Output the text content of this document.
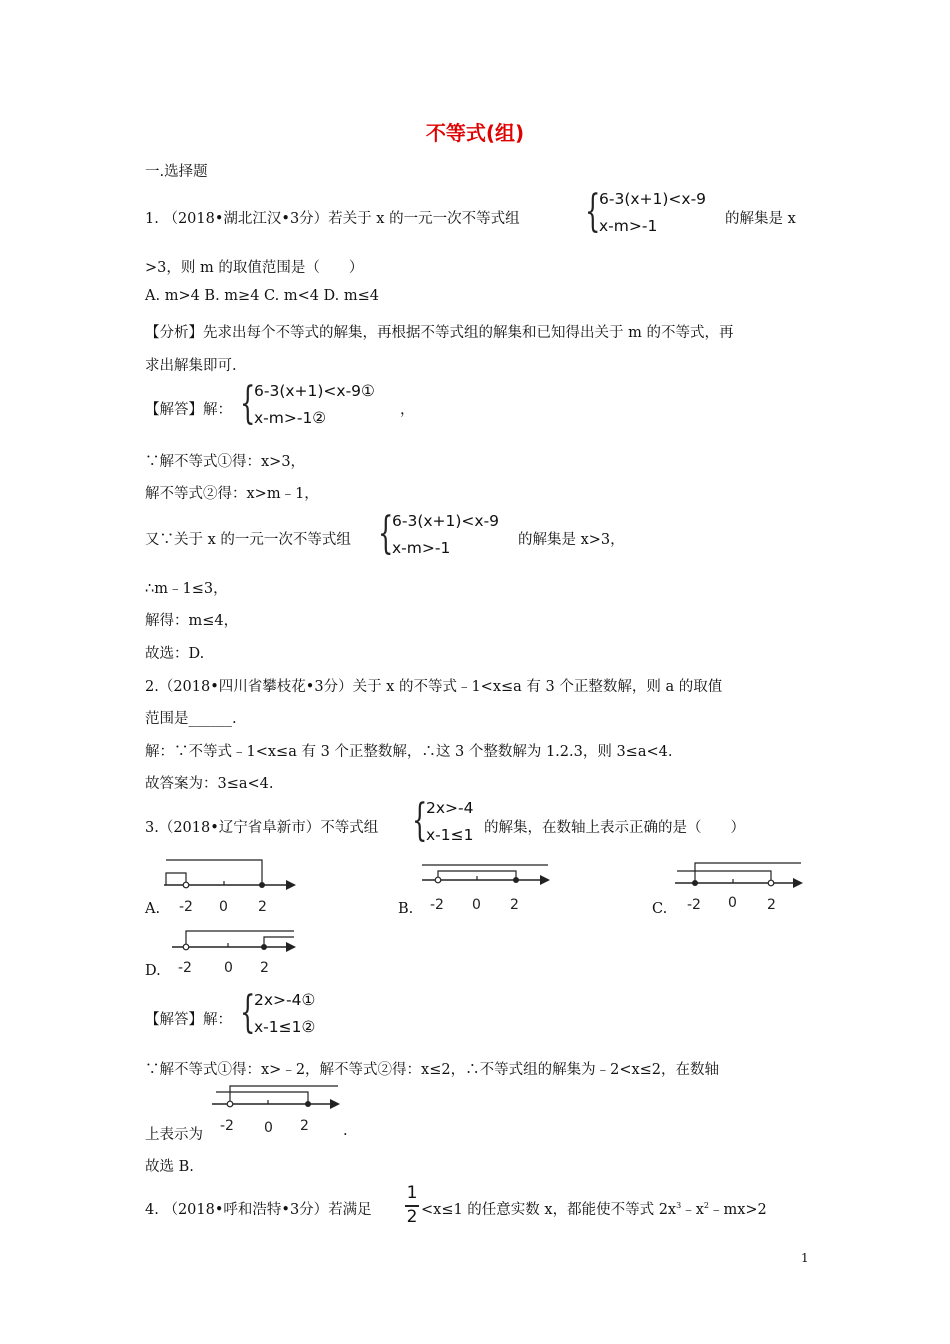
不等式(组)
一.选择题
1. （2018•湖北江汉•3分）若关于 x 的一元一次不等式组 {
6-3(x+1)<x-9
x-m>-1	的解集是 x
>3，则 m 的取值范围是（　　）
A. m>4 B. m≥4 C. m<4 D. m≤4
【分析】先求出每个不等式的解集，再根据不等式组的解集和已知得出关于 m 的不等式，再
求出解集即可.
【解答】解： {
6-3(x+1)<x-9①
x-m>-1②	，
∵解不等式①得：x>3，
解不等式②得：x>m﹣1，
又∵关于 x 的一元一次不等式组 {
6-3(x+1)<x-9
x-m>-1	的解集是 x>3，
∴m﹣1≤3，
解得：m≤4，
故选：D.
2.（2018•四川省攀枝花•3分）关于 x 的不等式﹣1<x≤a 有 3 个正整数解，则 a 的取值
范围是______.
解：∵不等式﹣1<x≤a 有 3 个正整数解，∴这 3 个整数解为 1.2.3，则 3≤a<4.
故答案为：3≤a<4.
3.（2018•辽宁省阜新市）不等式组 {
2x>-4
x-1≤1 的解集，在数轴上表示正确的是（　　）
A. -2 0 2	B. -2 0 2	C. -2 0 2
D. -2 0 2
【解答】解： {
2x>-4①
x-1≤1②
∵解不等式①得：x>﹣2，解不等式②得：x≤2，∴不等式组的解集为﹣2<x≤2，在数轴
上表示为
-2 0 2 .
故选 B.
4. （2018•呼和浩特•3分）若满足
1
2 <x≤1 的任意实数 x，都能使不等式 $2x^3﹣x^2﹣mx>2$
1
